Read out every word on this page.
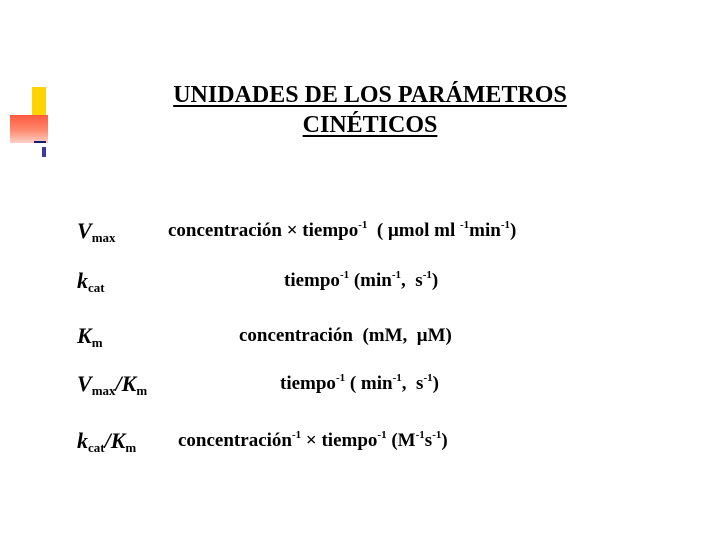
UNIDADES DE LOS PARÁMETROS
CINÉTICOS
$V_{max}$	concentración × tiempo$^{-1}$  ( μmol ml $^{-1}\min^{-1}$)
$k_{cat}$	tiempo$^{-1}$ ($\min^{-1}$,  $s^{-1}$)
$K_m$	concentración  (mM,  μM)
$V_{max}/K_m$	tiempo$^{-1}$ ( $\min^{-1}$,  $s^{-1}$)
$k_{cat}/K_m$ concentración$^{-1}$ × tiempo$^{-1}$ $(M^{-1}s^{-1})$
